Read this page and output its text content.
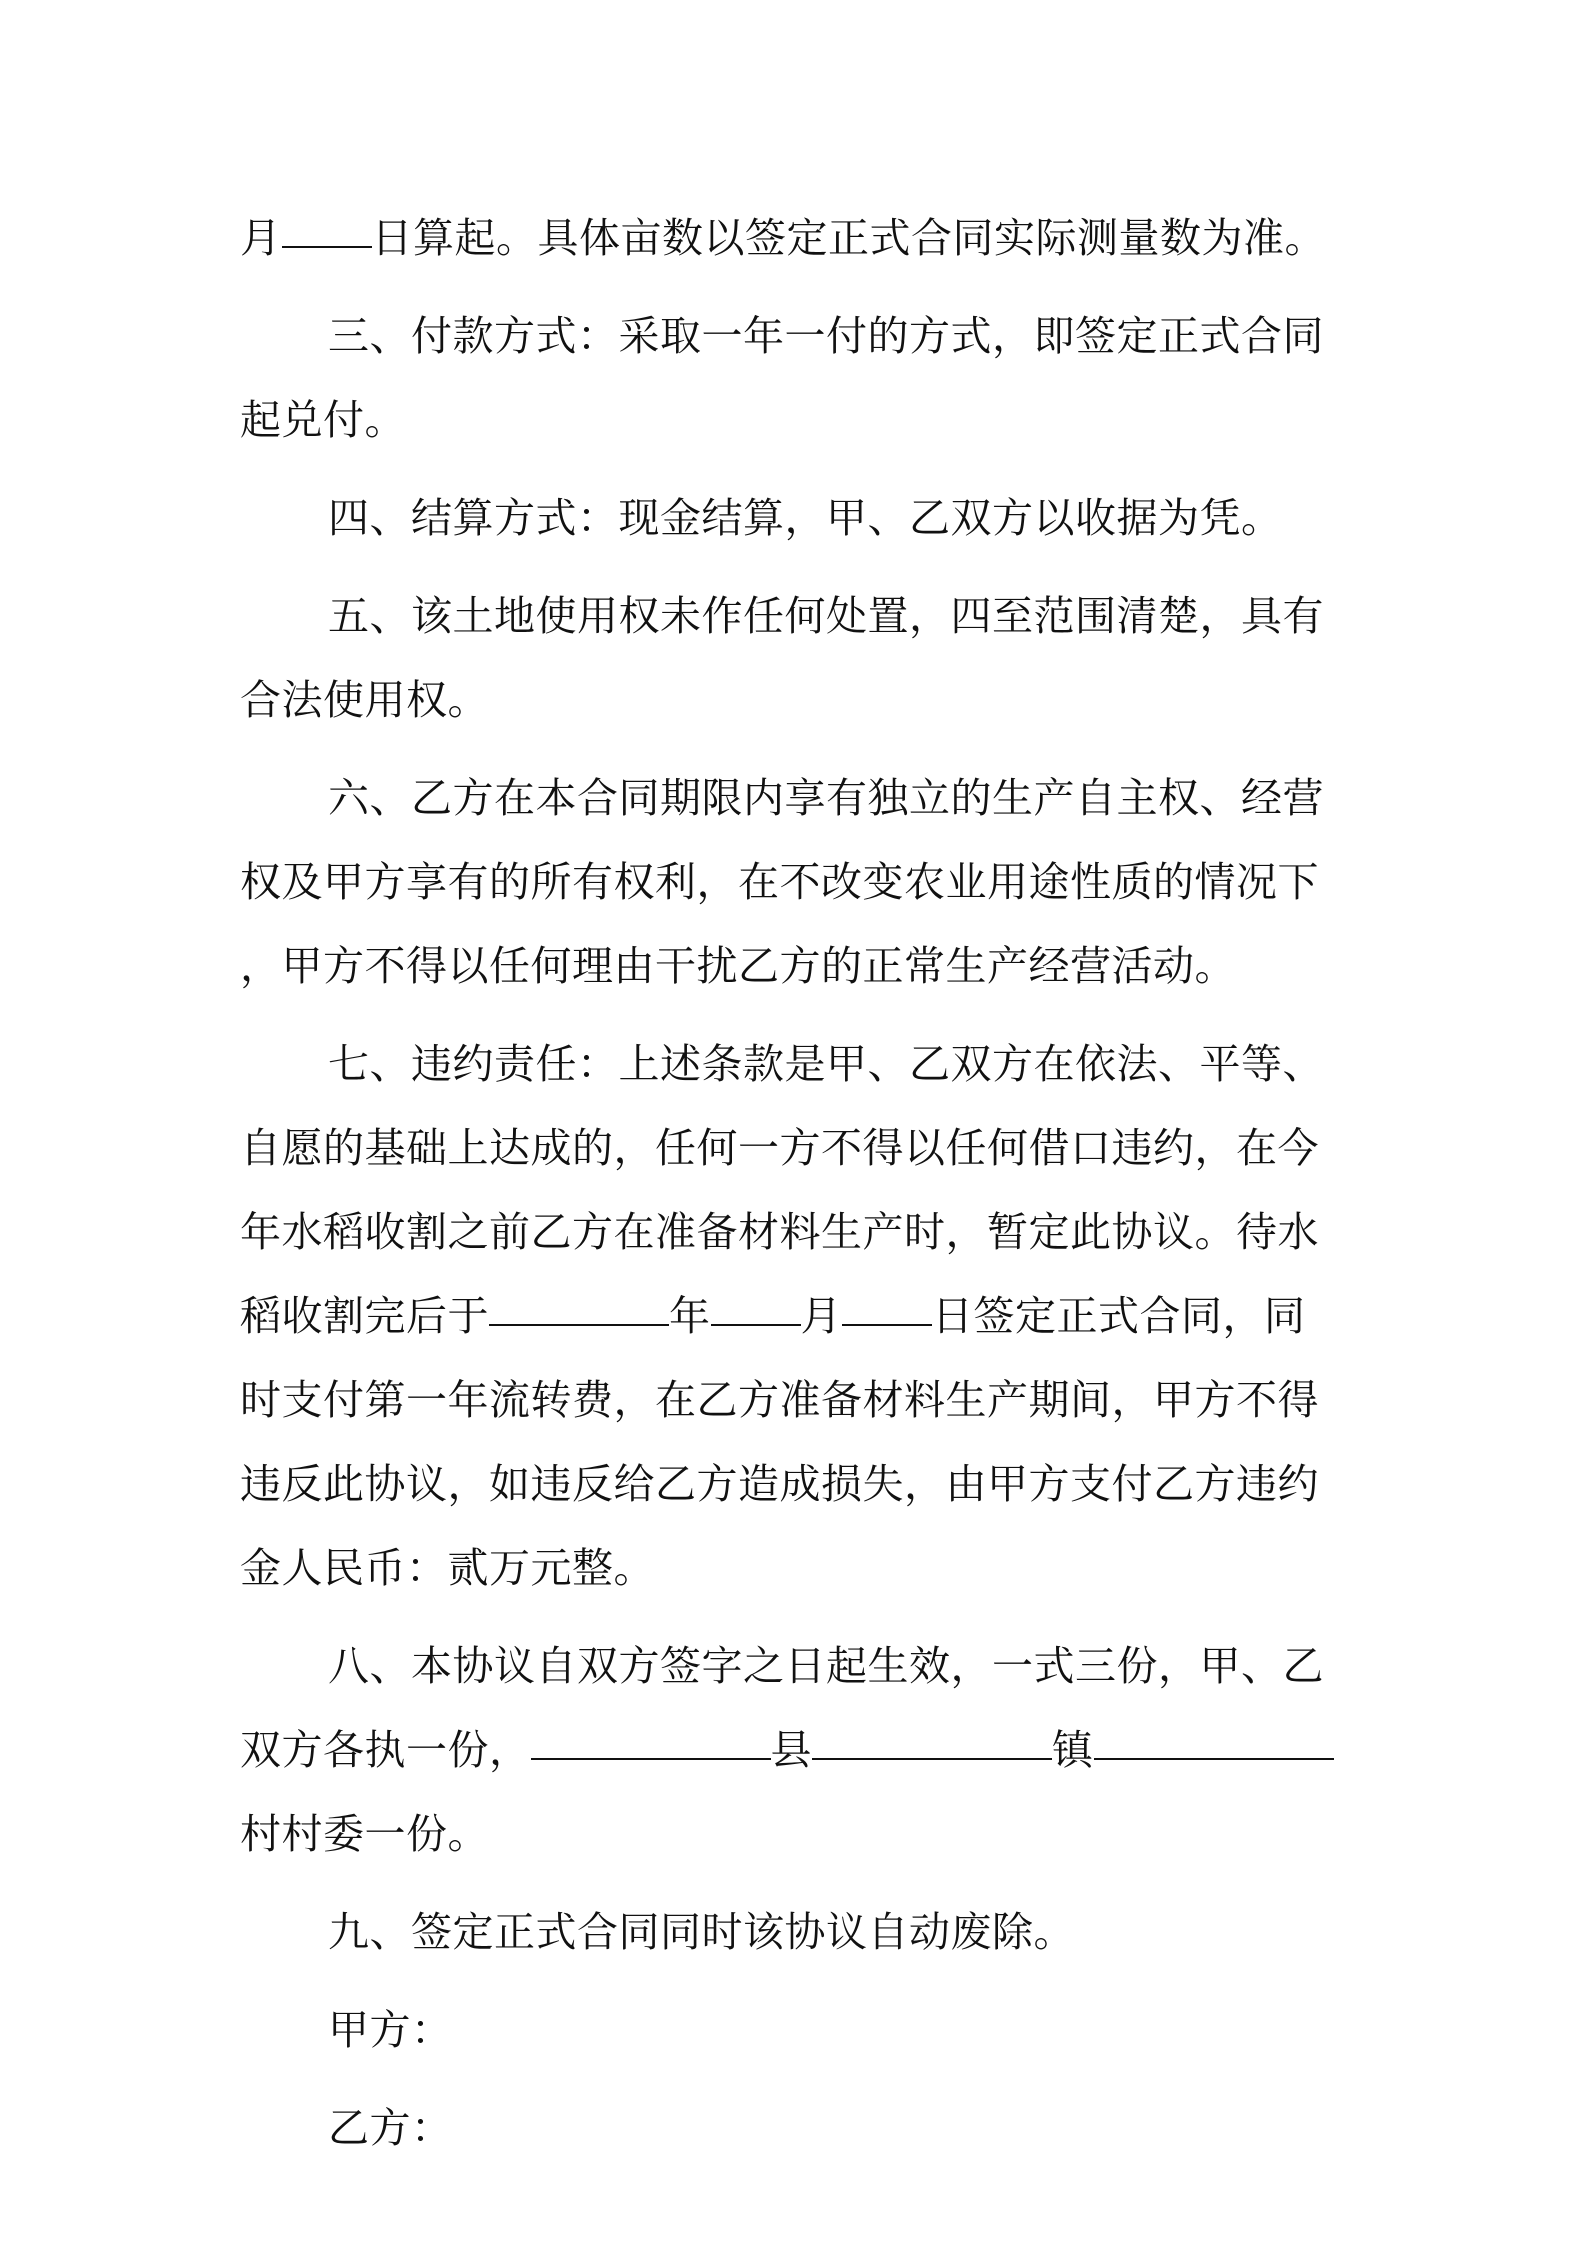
月 日算起。具体亩数以签定正式合同实际测量数为准。
三、付款方式：采取一年一付的方式，即签定正式合同
起兑付。
四、结算方式：现金结算，甲、乙双方以收据为凭。
五、该土地使用权未作任何处置，四至范围清楚，具有
合法使用权。
六、乙方在本合同期限内享有独立的生产自主权、经营
权及甲方享有的所有权利，在不改变农业用途性质的情况下
，甲方不得以任何理由干扰乙方的正常生产经营活动。
七、违约责任：上述条款是甲、乙双方在依法、平等、
自愿的基础上达成的，任何一方不得以任何借口违约，在今
年水稻收割之前乙方在准备材料生产时，暂定此协议。待水
稻收割完后于	年 月 日签定正式合同，同
时支付第一年流转费，在乙方准备材料生产期间，甲方不得
违反此协议，如违反给乙方造成损失，由甲方支付乙方违约
金人民币：贰万元整。
八、本协议自双方签字之日起生效，一式三份，甲、乙
双方各执一份，	县	镇
村村委一份。
九、签定正式合同同时该协议自动废除。
甲方：
乙方：
